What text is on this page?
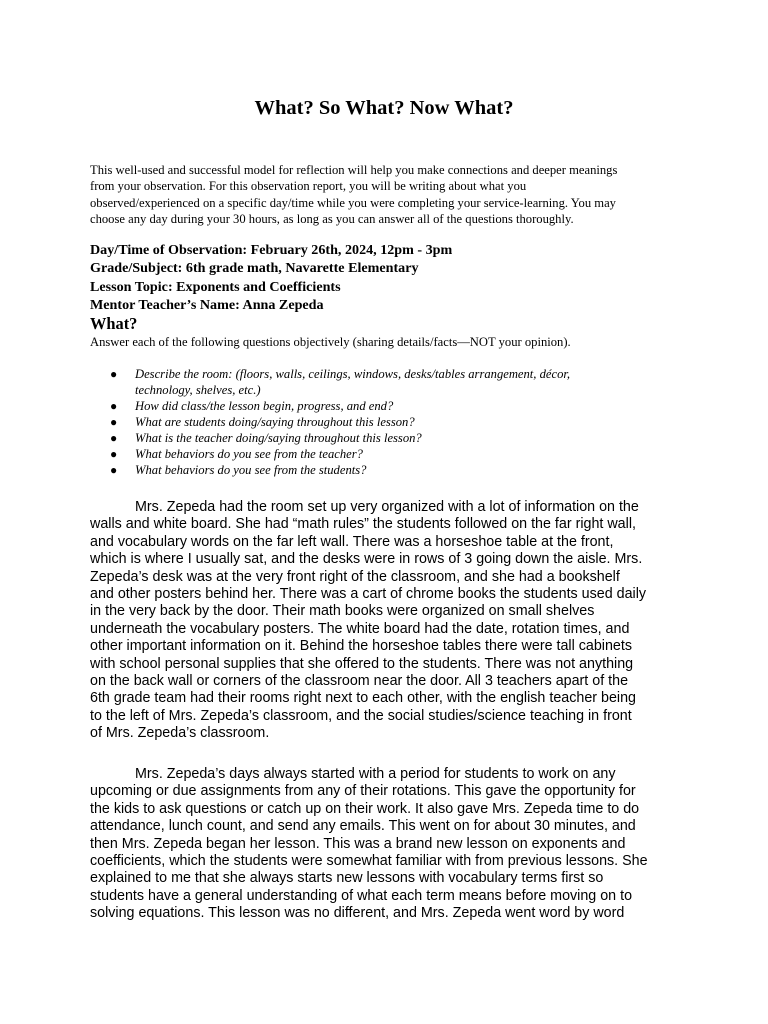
What? So What? Now What?
This well-used and successful model for reflection will help you make connections and deeper meanings
from your observation. For this observation report, you will be writing about what you
observed/experienced on a specific day/time while you were completing your service-learning. You may
choose any day during your 30 hours, as long as you can answer all of the questions thoroughly.
Day/Time of Observation: February 26th, 2024, 12pm - 3pm
Grade/Subject: 6th grade math, Navarette Elementary
Lesson Topic: Exponents and Coefficients
Mentor Teacher’s Name: Anna Zepeda
What?
Answer each of the following questions objectively (sharing details/facts—NOT your opinion).
● Describe the room: (floors, walls, ceilings, windows, desks/tables arrangement, décor,
technology, shelves, etc.)
● How did class/the lesson begin, progress, and end?
● What are students doing/saying throughout this lesson?
● What is the teacher doing/saying throughout this lesson?
● What behaviors do you see from the teacher?
● What behaviors do you see from the students?
Mrs. Zepeda had the room set up very organized with a lot of information on the
walls and white board. She had “math rules” the students followed on the far right wall,
and vocabulary words on the far left wall. There was a horseshoe table at the front,
which is where I usually sat, and the desks were in rows of 3 going down the aisle. Mrs.
Zepeda’s desk was at the very front right of the classroom, and she had a bookshelf
and other posters behind her. There was a cart of chrome books the students used daily
in the very back by the door. Their math books were organized on small shelves
underneath the vocabulary posters. The white board had the date, rotation times, and
other important information on it. Behind the horseshoe tables there were tall cabinets
with school personal supplies that she offered to the students. There was not anything
on the back wall or corners of the classroom near the door. All 3 teachers apart of the
6th grade team had their rooms right next to each other, with the english teacher being
to the left of Mrs. Zepeda’s classroom, and the social studies/science teaching in front
of Mrs. Zepeda’s classroom.
Mrs. Zepeda’s days always started with a period for students to work on any
upcoming or due assignments from any of their rotations. This gave the opportunity for
the kids to ask questions or catch up on their work. It also gave Mrs. Zepeda time to do
attendance, lunch count, and send any emails. This went on for about 30 minutes, and
then Mrs. Zepeda began her lesson. This was a brand new lesson on exponents and
coefficients, which the students were somewhat familiar with from previous lessons. She
explained to me that she always starts new lessons with vocabulary terms first so
students have a general understanding of what each term means before moving on to
solving equations. This lesson was no different, and Mrs. Zepeda went word by word
